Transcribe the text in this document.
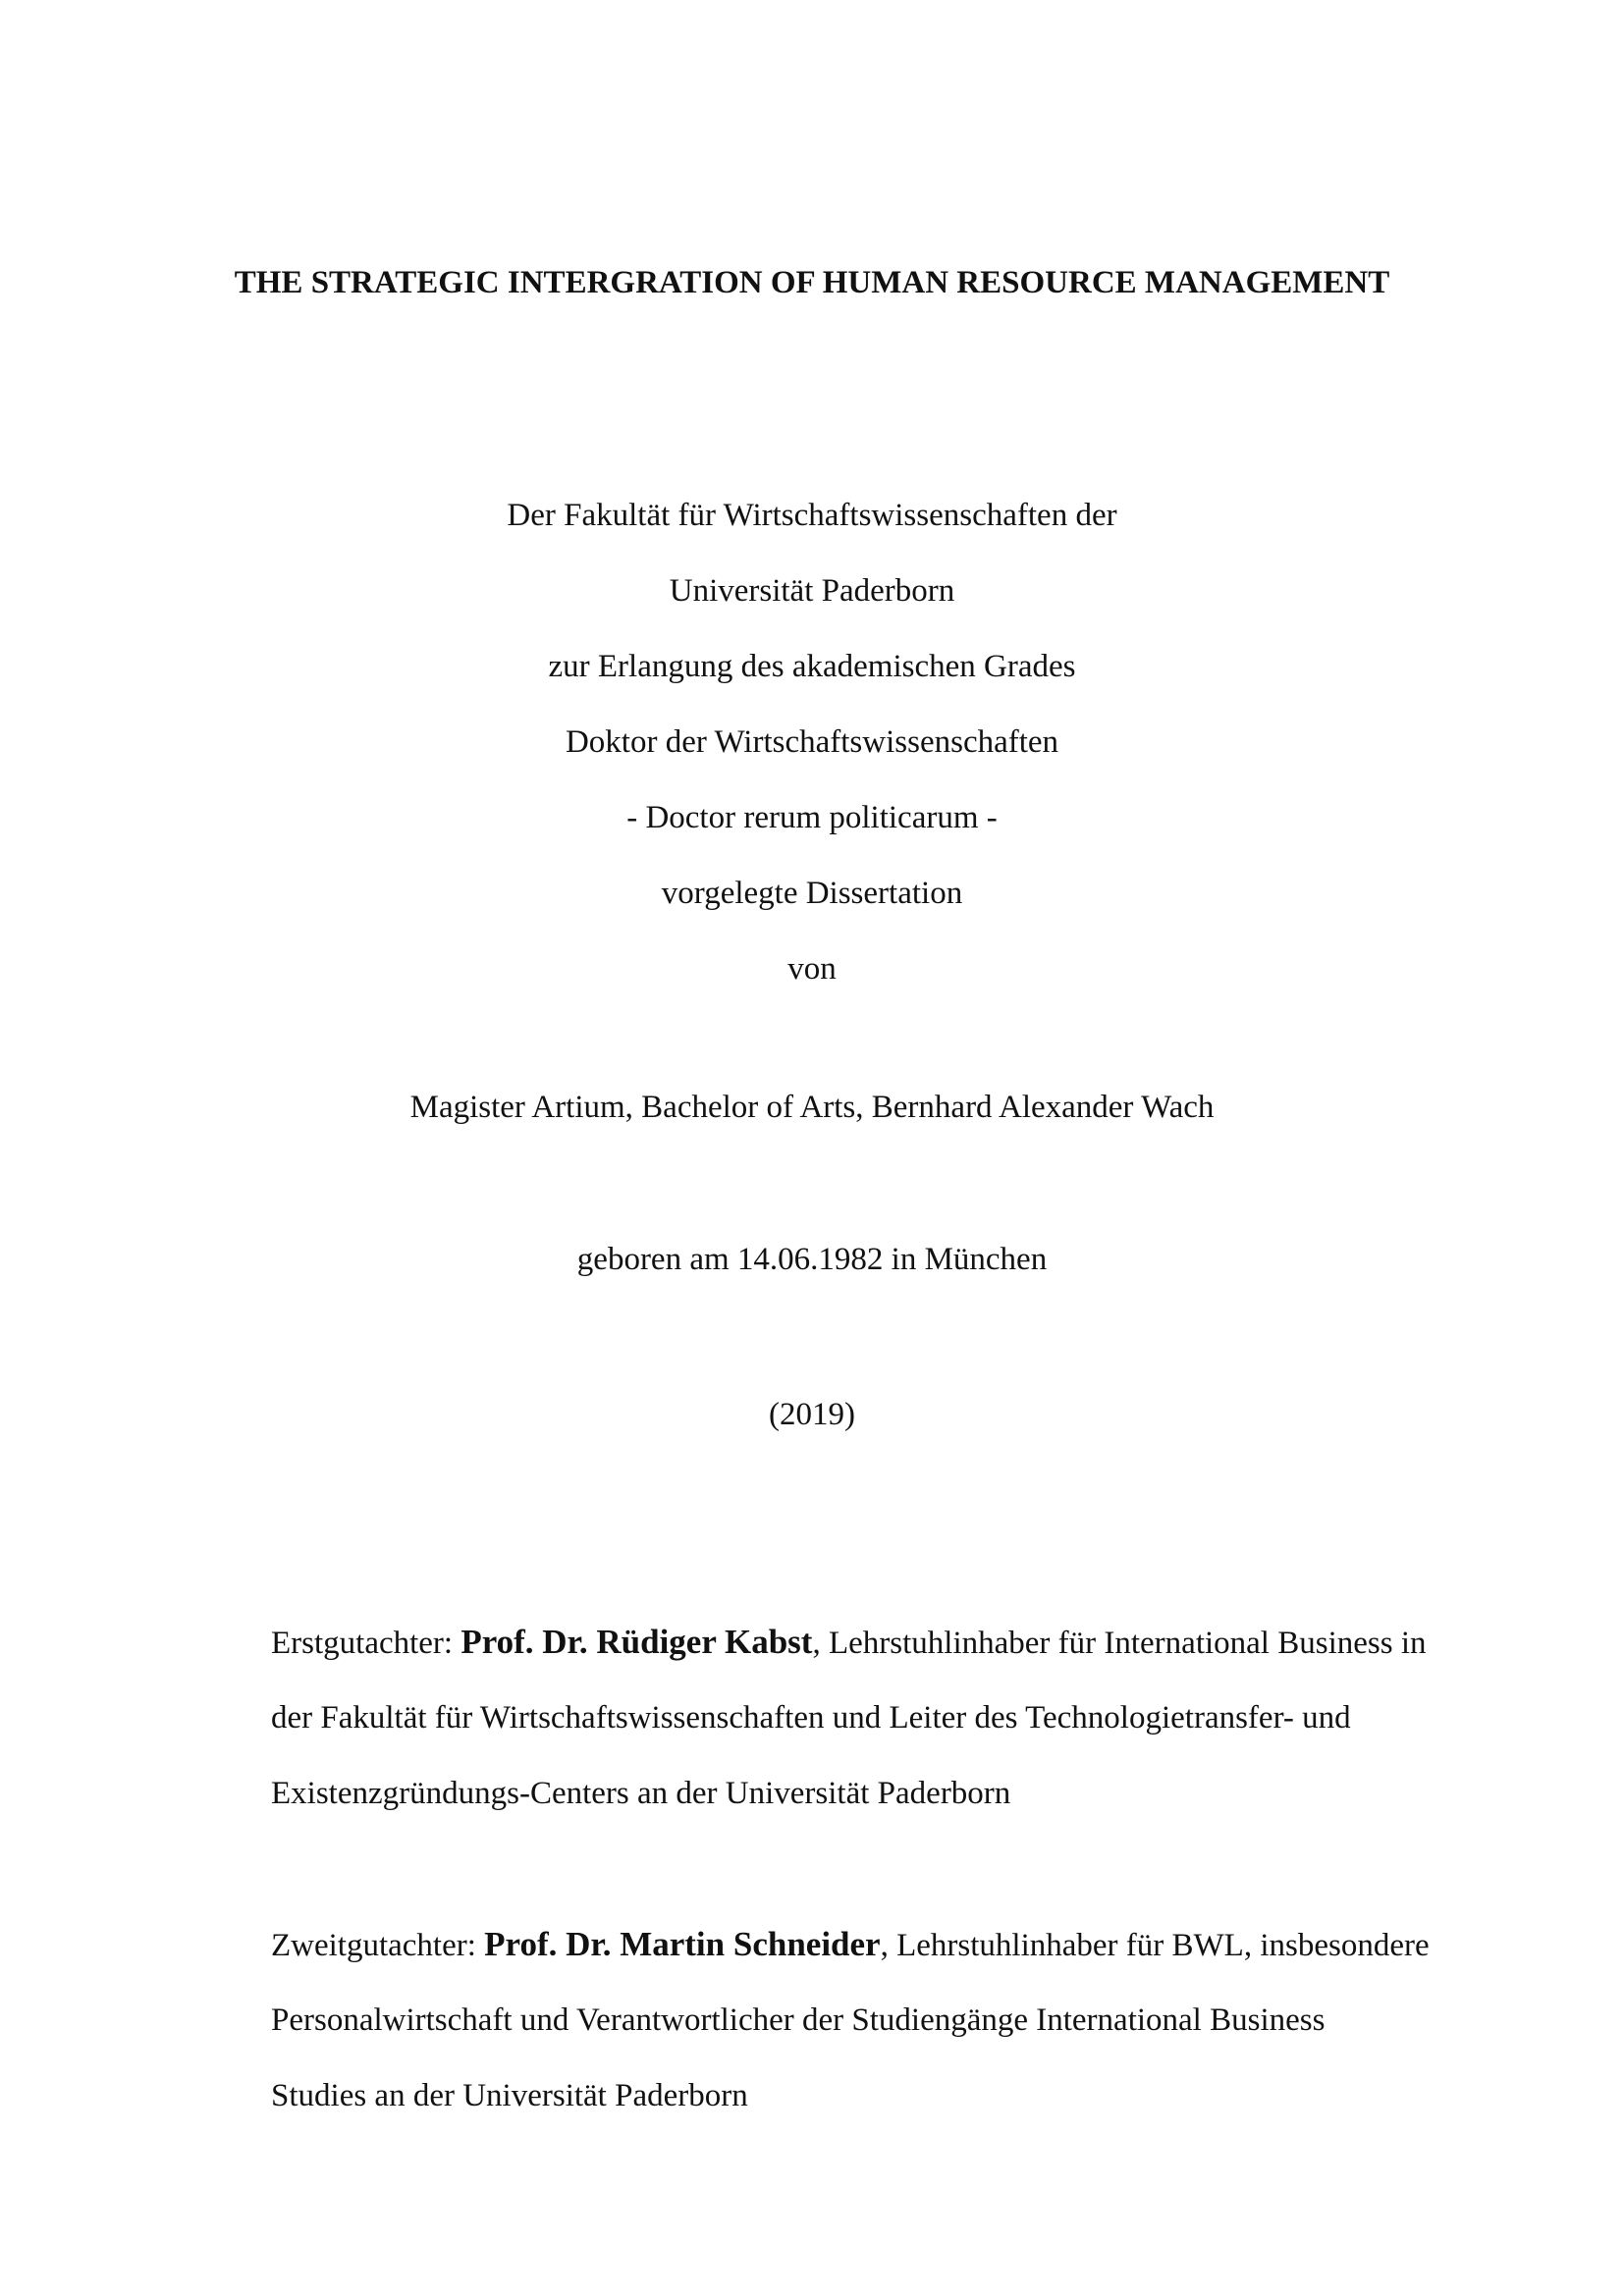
THE STRATEGIC INTERGRATION OF HUMAN RESOURCE MANAGEMENT
Der Fakultät für Wirtschaftswissenschaften der
Universität Paderborn
zur Erlangung des akademischen Grades
Doktor der Wirtschaftswissenschaften
- Doctor rerum politicarum -
vorgelegte Dissertation
von
Magister Artium, Bachelor of Arts, Bernhard Alexander Wach
geboren am 14.06.1982 in München
(2019)
Erstgutachter: Prof. Dr. Rüdiger Kabst, Lehrstuhlinhaber für International Business in
der Fakultät für Wirtschaftswissenschaften und Leiter des Technologietransfer- und
Existenzgründungs-Centers an der Universität Paderborn
Zweitgutachter: Prof. Dr. Martin Schneider, Lehrstuhlinhaber für BWL, insbesondere
Personalwirtschaft und Verantwortlicher der Studiengänge International Business
Studies an der Universität Paderborn
